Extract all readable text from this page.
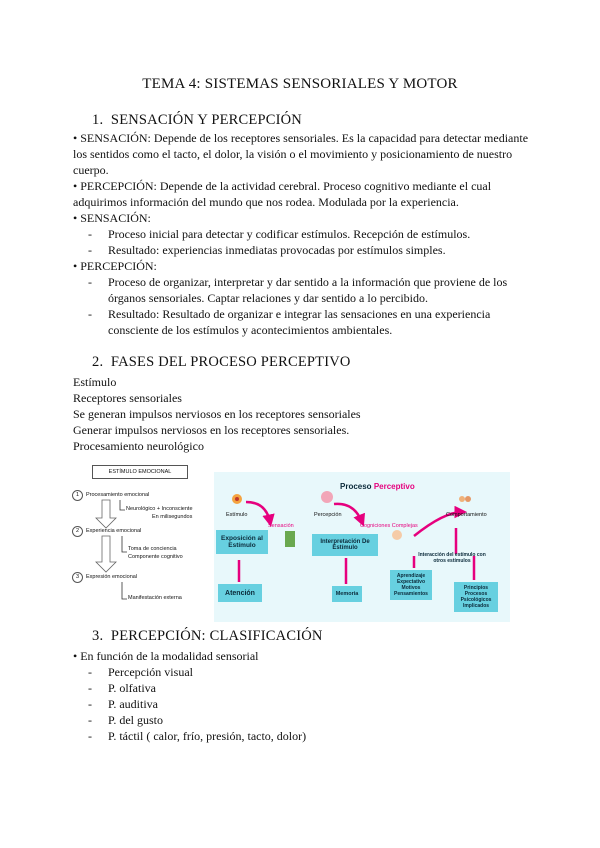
TEMA 4: SISTEMAS SENSORIALES Y MOTOR
1.  SENSACIÓN Y PERCEPCIÓN
• SENSACIÓN: Depende de los receptores sensoriales. Es la capacidad para detectar mediante los sentidos como el tacto, el dolor, la visión o el movimiento y posicionamiento de nuestro cuerpo.
• PERCEPCIÓN: Depende de la actividad cerebral. Proceso cognitivo mediante el cual adquirimos información del mundo que nos rodea. Modulada por la experiencia.
• SENSACIÓN:
- Proceso inicial para detectar y codificar estímulos. Recepción de estímulos.
- Resultado: experiencias inmediatas provocadas por estímulos simples.
• PERCEPCIÓN:
- Proceso de organizar, interpretar y dar sentido a la información que proviene de los órganos sensoriales. Captar relaciones y dar sentido a lo percibido.
- Resultado: Resultado de organizar e integrar las sensaciones en una experiencia consciente de los estímulos y acontecimientos ambientales.
2.  FASES DEL PROCESO PERCEPTIVO
Estímulo
Receptores sensoriales
Se generan impulsos nerviosos en los receptores sensoriales
Generar impulsos nerviosos en los receptores sensoriales.
Procesamiento neurológico
ESTÍMULO EMOCIONAL
1	Procesamiento emocional
2	Experiencia emocional
3	Expresión emocional
Neurológico + Inconsciente
En milisegundos
Toma de conciencia
Componente cognitivo
Manifestación externa
Proceso Perceptivo
Estímulo	Percepción	Comportamiento
Sensación	Cogniciones Complejas
Exposición al Estímulo	Interpretación De Estímulo
Atención	Memoria
Interacción del estímulo con otros estímulos
Aprendizaje Expectativo Motivos Pensamientos
Principios Procesos Psicológicos Implicados
3.  PERCEPCIÓN: CLASIFICACIÓN
• En función de la modalidad sensorial
- Percepción visual
- P. olfativa
- P. auditiva
- P. del gusto
- P. táctil ( calor, frío, presión, tacto, dolor)
